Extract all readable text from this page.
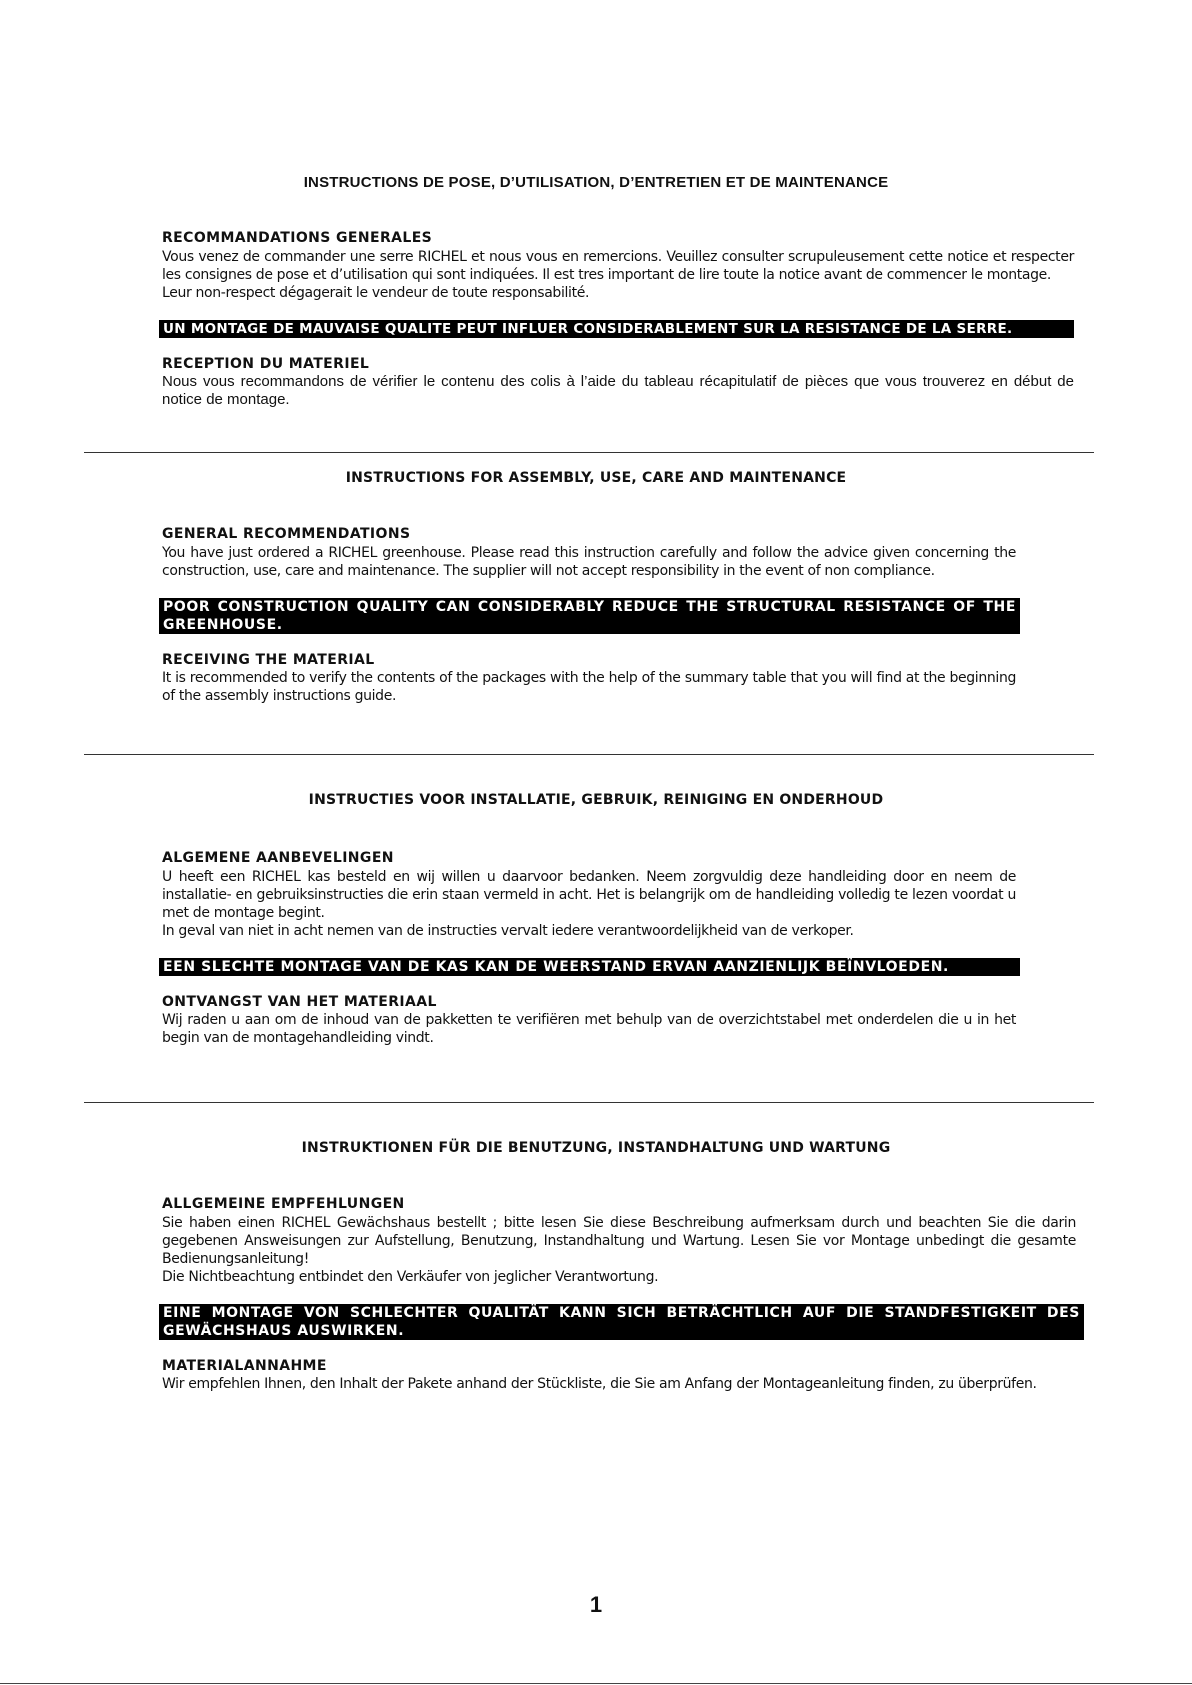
INSTRUCTIONS DE POSE, D’UTILISATION, D’ENTRETIEN ET DE MAINTENANCE
RECOMMANDATIONS GENERALES

Vous venez de commander une serre RICHEL et nous vous en remercions. Veuillez consulter scrupuleusement cette notice et respecter les consignes de pose et d’utilisation qui sont indiquées. Il est tres important de lire toute la notice avant de commencer le montage.

Leur non-respect dégagerait le vendeur de toute responsabilité.

UN MONTAGE DE MAUVAISE QUALITE PEUT INFLUER CONSIDERABLEMENT SUR LA RESISTANCE DE LA SERRE.

RECEPTION DU MATERIEL

Nous vous recommandons de vérifier le contenu des colis à l’aide du tableau récapitulatif de pièces que vous trouverez en début de notice de montage.

INSTRUCTIONS FOR ASSEMBLY, USE, CARE AND MAINTENANCE
GENERAL RECOMMENDATIONS

You have just ordered a RICHEL greenhouse. Please read this instruction carefully and follow the advice given concerning the construction, use, care and maintenance. The supplier will not accept responsibility in the event of non compliance.

POOR CONSTRUCTION QUALITY CAN CONSIDERABLY REDUCE THE STRUCTURAL RESISTANCE OF THE GREENHOUSE.

RECEIVING THE MATERIAL

It is recommended to verify the contents of the packages with the help of the summary table that you will find at the beginning of the assembly instructions guide.

INSTRUCTIES VOOR INSTALLATIE, GEBRUIK, REINIGING EN ONDERHOUD
ALGEMENE AANBEVELINGEN

U heeft een RICHEL kas besteld en wij willen u daarvoor bedanken. Neem zorgvuldig deze handleiding door en neem de installatie- en gebruiksinstructies die erin staan vermeld in acht. Het is belangrijk om de handleiding volledig te lezen voordat u met de montage begint.

In geval van niet in acht nemen van de instructies vervalt iedere verantwoordelijkheid van de verkoper.

EEN SLECHTE MONTAGE VAN DE KAS KAN DE WEERSTAND ERVAN AANZIENLIJK BEÏNVLOEDEN.

ONTVANGST VAN HET MATERIAAL

Wij raden u aan om de inhoud van de pakketten te verifiëren met behulp van de overzichtstabel met onderdelen die u in het begin van de montagehandleiding vindt.

INSTRUKTIONEN FÜR DIE BENUTZUNG, INSTANDHALTUNG UND WARTUNG
ALLGEMEINE EMPFEHLUNGEN

Sie haben einen RICHEL Gewächshaus bestellt ; bitte lesen Sie diese Beschreibung aufmerksam durch und beachten Sie die darin gegebenen Answeisungen zur Aufstellung, Benutzung, Instandhaltung und Wartung. Lesen Sie vor Montage unbedingt die gesamte Bedienungsanleitung!

Die Nichtbeachtung entbindet den Verkäufer von jeglicher Verantwortung.

EINE MONTAGE VON SCHLECHTER QUALITÄT KANN SICH BETRÄCHTLICH AUF DIE STANDFESTIGKEIT DES GEWÄCHSHAUS AUSWIRKEN.

MATERIALANNAHME

Wir empfehlen Ihnen, den Inhalt der Pakete anhand der Stückliste, die Sie am Anfang der Montageanleitung finden, zu überprüfen.

1
